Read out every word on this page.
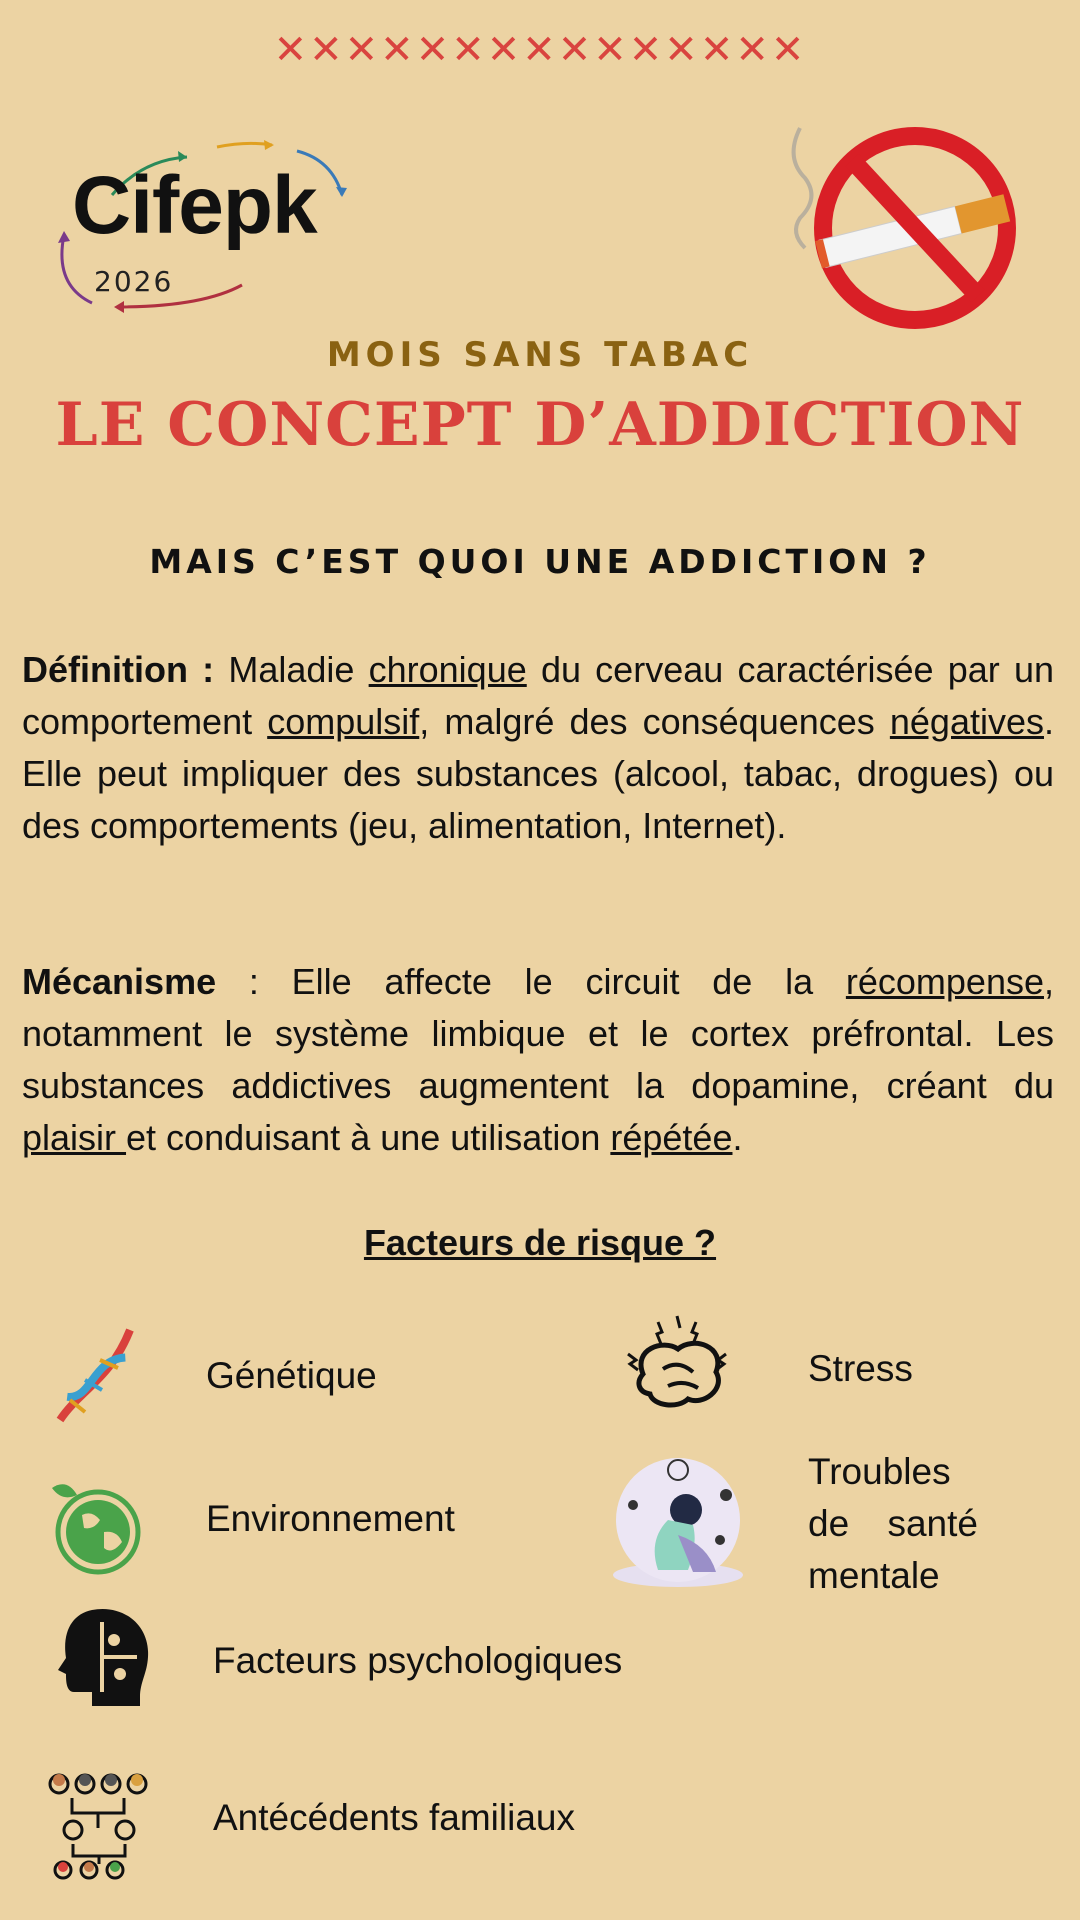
✕✕✕✕✕✕✕✕✕✕✕✕✕✕✕
Cifepk
2026
MOIS SANS TABAC
LE CONCEPT D’ADDICTION
MAIS C’EST QUOI UNE ADDICTION ?
Définition : Maladie chronique du cerveau caractérisée par un comportement compulsif, malgré des conséquences négatives. Elle peut impliquer des substances (alcool, tabac, drogues) ou des comportements (jeu, alimentation, Internet).
Mécanisme : Elle affecte le circuit de la récompense, notamment le système limbique et le cortex préfrontal. Les substances addictives augmentent la dopamine, créant du plaisir et conduisant à une utilisation répétée.
Facteurs de risque ?
Génétique	Stress
Environnement
Troubles de santé mentale
Facteurs psychologiques
Antécédents familiaux
